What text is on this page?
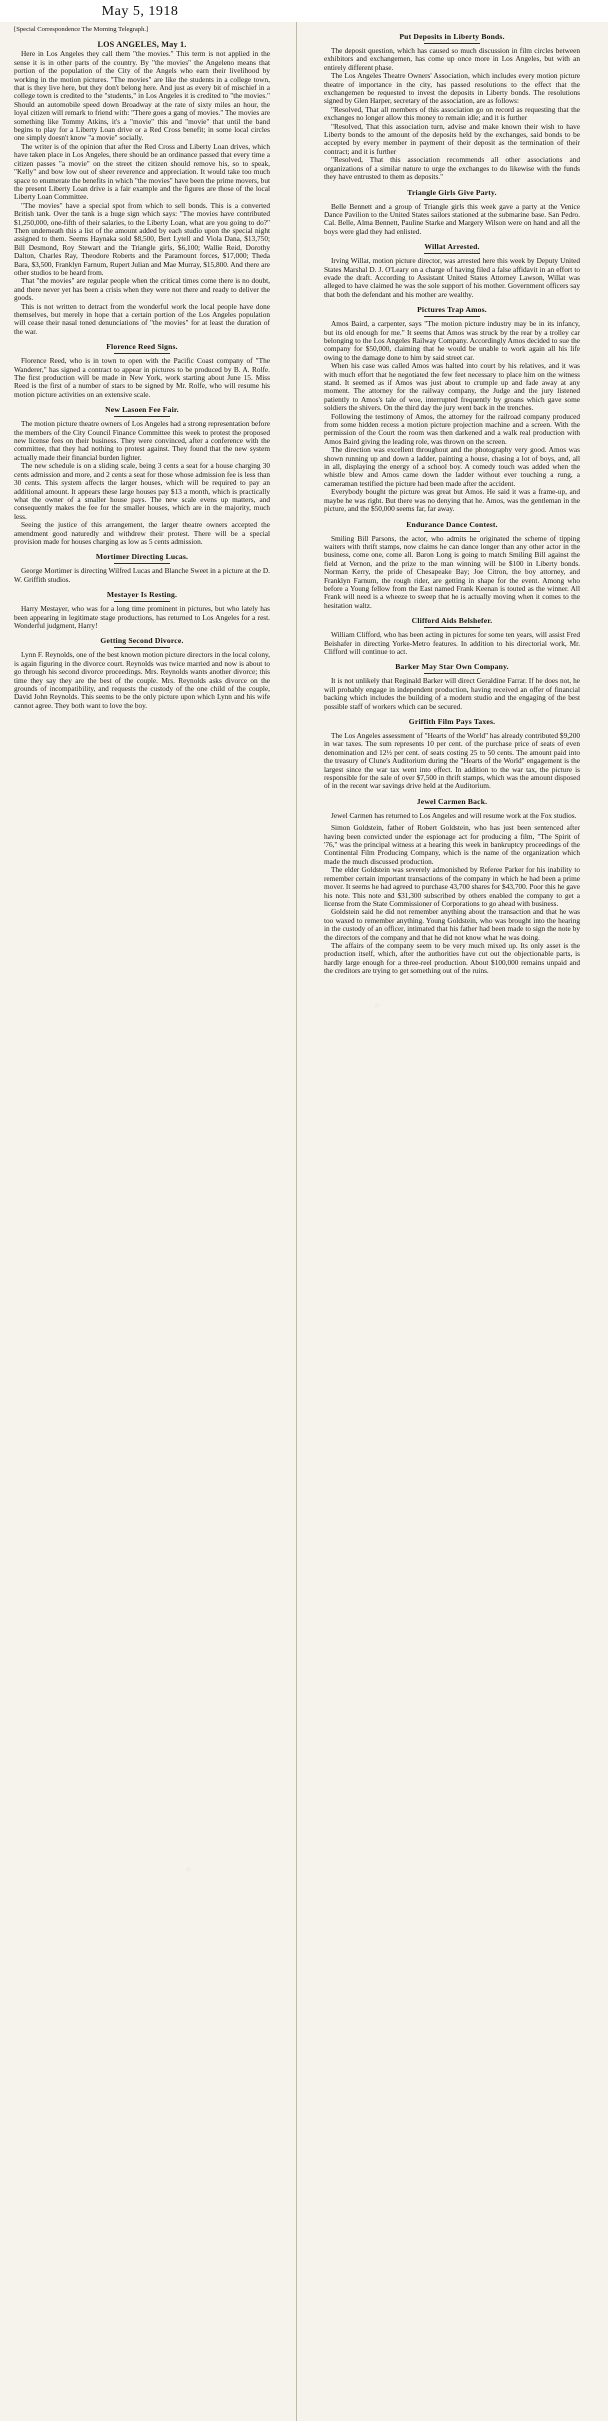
May 5, 1918

[Special Correspondence The Morning Telegraph.]

LOS ANGELES, May 1.

Here in Los Angeles they call them "the movies." This term is not applied in the sense it is in other parts of the country. By "the movies" the Angeleno means that portion of the population of the City of the Angels who earn their livelihood by working in the motion pictures. "The movies" are like the students in a college town, that is they live here, but they don't belong here. And just as every bit of mischief in a college town is credited to the "students," in Los Angeles it is credited to "the movies." Should an automobile speed down Broadway at the rate of sixty miles an hour, the loyal citizen will remark to friend with: "There goes a gang of movies." The movies are something like Tommy Atkins, it's a "movie" this and "movie" that until the band begins to play for a Liberty Loan drive or a Red Cross benefit; in some local circles one simply doesn't know "a movie" socially.

The writer is of the opinion that after the Red Cross and Liberty Loan drives, which have taken place in Los Angeles, there should be an ordinance passed that every time a citizen passes "a movie" on the street the citizen should remove his, so to speak, "Kelly" and bow low out of sheer reverence and appreciation. It would take too much space to enumerate the benefits in which "the movies" have been the prime movers, but the present Liberty Loan drive is a fair example and the figures are those of the local Liberty Loan Committee.

"The movies" have a special spot from which to sell bonds. This is a converted British tank. Over the tank is a huge sign which says: "The movies have contributed $1,250,000, one-fifth of their salaries, to the Liberty Loan, what are you going to do?" Then underneath this a list of the amount added by each studio upon the special night assigned to them. Seems Haynaka sold $8,500, Bert Lytell and Viola Dana, $13,750; Bill Desmond, Roy Stewart and the Triangle girls, $6,100; Wallie Reid, Dorothy Dalton, Charles Ray, Theodore Roberts and the Paramount forces, $17,000; Theda Bara, $3,500, Franklyn Farnum, Rupert Julian and Mae Murray, $15,800. And there are other studios to be heard from.

That "the movies" are regular people when the critical times come there is no doubt, and there never yet has been a crisis when they were not there and ready to deliver the goods.

This is not written to detract from the wonderful work the local people have done themselves, but merely in hope that a certain portion of the Los Angeles population will cease their nasal toned denunciations of "the movies" for at least the duration of the war.

Florence Reed Signs.

Florence Reed, who is in town to open with the Pacific Coast company of "The Wanderer," has signed a contract to appear in pictures to be produced by B. A. Rolfe. The first production will be made in New York, work starting about June 15. Miss Reed is the first of a number of stars to be signed by Mr. Rolfe, who will resume his motion picture activities on an extensive scale.

New Lasoen Fee Fair.

The motion picture theatre owners of Los Angeles had a strong representation before the members of the City Council Finance Committee this week to protest the proposed new license fees on their business. They were convinced, after a conference with the committee, that they had nothing to protest against. They found that the new system actually made their financial burden lighter.

The new schedule is on a sliding scale, being 3 cents a seat for a house charging 30 cents admission and more, and 2 cents a seat for those whose admission fee is less than 30 cents. This system affects the larger houses, which will be required to pay an additional amount. It appears these large houses pay $13 a month, which is practically what the owner of a smaller house pays. The new scale evens up matters, and consequently makes the fee for the smaller houses, which are in the majority, much less.

Seeing the justice of this arrangement, the larger theatre owners accepted the amendment good naturedly and withdrew their protest. There will be a special provision made for houses charging as low as 5 cents admission.

Mortimer Directing Lucas.

George Mortimer is directing Wilfred Lucas and Blanche Sweet in a picture at the D. W. Griffith studios.

Mestayer Is Resting.

Harry Mestayer, who was for a long time prominent in pictures, but who lately has been appearing in legitimate stage productions, has returned to Los Angeles for a rest. Wonderful judgment, Harry!

Getting Second Divorce.

Lynn F. Reynolds, one of the best known motion picture directors in the local colony, is again figuring in the divorce court. Reynolds was twice married and now is about to go through his second divorce proceedings. Mrs. Reynolds wants another divorce; this time they say they are the best of the couple. Mrs. Reynolds asks divorce on the grounds of incompatibility, and requests the custody of the one child of the couple, David John Reynolds. This seems to be the only picture upon which Lynn and his wife cannot agree. They both want to love the boy.

Put Deposits in Liberty Bonds.

The deposit question, which has caused so much discussion in film circles between exhibitors and exchangemen, has come up once more in Los Angeles, but with an entirely different phase.

The Los Angeles Theatre Owners' Association, which includes every motion picture theatre of importance in the city, has passed resolutions to the effect that the exchangemen be requested to invest the deposits in Liberty bonds. The resolutions signed by Glen Harper, secretary of the association, are as follows:

"Resolved, That all members of this association go on record as requesting that the exchanges no longer allow this money to remain idle; and it is further

"Resolved, That this association turn, advise and make known their wish to have Liberty bonds to the amount of the deposits held by the exchanges, said bonds to be accepted by every member in payment of their deposit as the termination of their contract; and it is further

"Resolved, That this association recommends all other associations and organizations of a similar nature to urge the exchanges to do likewise with the funds they have entrusted to them as deposits."

Triangle Girls Give Party.

Belle Bennett and a group of Triangle girls this week gave a party at the Venice Dance Pavilion to the United States sailors stationed at the submarine base. San Pedro. Cal. Belle, Alma Bennett, Pauline Starke and Margery Wilson were on hand and all the boys were glad they had enlisted.

Willat Arrested.

Irving Willat, motion picture director, was arrested here this week by Deputy United States Marshal D. J. O'Leary on a charge of having filed a false affidavit in an effort to evade the draft. According to Assistant United States Attorney Lawson, Willat was alleged to have claimed he was the sole support of his mother. Government officers say that both the defendant and his mother are wealthy.

Pictures Trap Amos.

Amos Baird, a carpenter, says "The motion picture industry may be in its infancy, but its old enough for me." It seems that Amos was struck by the rear by a trolley car belonging to the Los Angeles Railway Company. Accordingly Amos decided to sue the company for $50,000, claiming that he would be unable to work again all his life owing to the damage done to him by said street car.

When his case was called Amos was halted into court by his relatives, and it was with much effort that he negotiated the few feet necessary to place him on the witness stand. It seemed as if Amos was just about to crumple up and fade away at any moment. The attorney for the railway company, the Judge and the jury listened patiently to Amos's tale of woe, interrupted frequently by groans which gave some soldiers the shivers. On the third day the jury went back in the trenches.

Following the testimony of Amos, the attorney for the railroad company produced from some hidden recess a motion picture projection machine and a screen. With the permission of the Court the room was then darkened and a walk real production with Amos Baird giving the leading role, was thrown on the screen.

The direction was excellent throughout and the photography very good. Amos was shown running up and down a ladder, painting a house, chasing a lot of boys, and, all in all, displaying the energy of a school boy. A comedy touch was added when the whistle blew and Amos came down the ladder without ever touching a rung, a cameraman testified the picture had been made after the accident.

Everybody bought the picture was great but Amos. He said it was a frame-up, and maybe he was right. But there was no denying that he. Amos, was the gentleman in the picture, and the $50,000 seems far, far away.

Endurance Dance Contest.

Smiling Bill Parsons, the actor, who admits he originated the scheme of tipping waiters with thrift stamps, now claims he can dance longer than any other actor in the business, come one, come all. Baron Long is going to match Smiling Bill against the field at Vernon, and the prize to the man winning will be $100 in Liberty bonds. Norman Kerry, the pride of Chesapeake Bay; Joe Citron, the boy attorney, and Franklyn Farnum, the rough rider, are getting in shape for the event. Among who before a Young fellow from the East named Frank Keenan is touted as the winner. All Frank will need is a wheeze to sweep that he is actually moving when it comes to the hesitation waltz.

Clifford Aids Belshefer.

William Clifford, who has been acting in pictures for some ten years, will assist Fred Beishafer in directing Yorke-Metro features. In addition to his directorial work, Mr. Clifford will continue to act.

Barker May Star Own Company.

It is not unlikely that Reginald Barker will direct Geraldine Farrar. If he does not, he will probably engage in independent production, having received an offer of financial backing which includes the building of a modern studio and the engaging of the best possible staff of workers which can be secured.

Griffith Film Pays Taxes.

The Los Angeles assessment of "Hearts of the World" has already contributed $9,200 in war taxes. The sum represents 10 per cent. of the purchase price of seats of even denomination and 12½ per cent. of seats costing 25 to 50 cents. The amount paid into the treasury of Clune's Auditorium during the "Hearts of the World" engagement is the largest since the war tax went into effect. In addition to the war tax, the picture is responsible for the sale of over $7,500 in thrift stamps, which was the amount disposed of in the recent war savings drive held at the Auditorium.

Jewel Carmen Back.

Jewel Carmen has returned to Los Angeles and will resume work at the Fox studios.

Simon Goldstein, father of Robert Goldstein, who has just been sentenced after having been convicted under the espionage act for producing a film, "The Spirit of '76," was the principal witness at a hearing this week in bankruptcy proceedings of the Continental Film Producing Company, which is the name of the organization which made the much discussed production.

The elder Goldstein was severely admonished by Referee Parker for his inability to remember certain important transactions of the company in which he had been a prime mover. It seems he had agreed to purchase 43,700 shares for $43,700. Poor this he gave his note. This note and $31,300 subscribed by others enabled the company to get a license from the State Commissioner of Corporations to go ahead with business.

Goldstein said he did not remember anything about the transaction and that he was too waxed to remember anything. Young Goldstein, who was brought into the hearing in the custody of an officer, intimated that his father had been made to sign the note by the directors of the company and that he did not know what he was doing.

The affairs of the company seem to be very much mixed up. Its only asset is the production itself, which, after the authorities have cut out the objectionable parts, is hardly large enough for a three-reel production. About $100,000 remains unpaid and the creditors are trying to get something out of the ruins.
